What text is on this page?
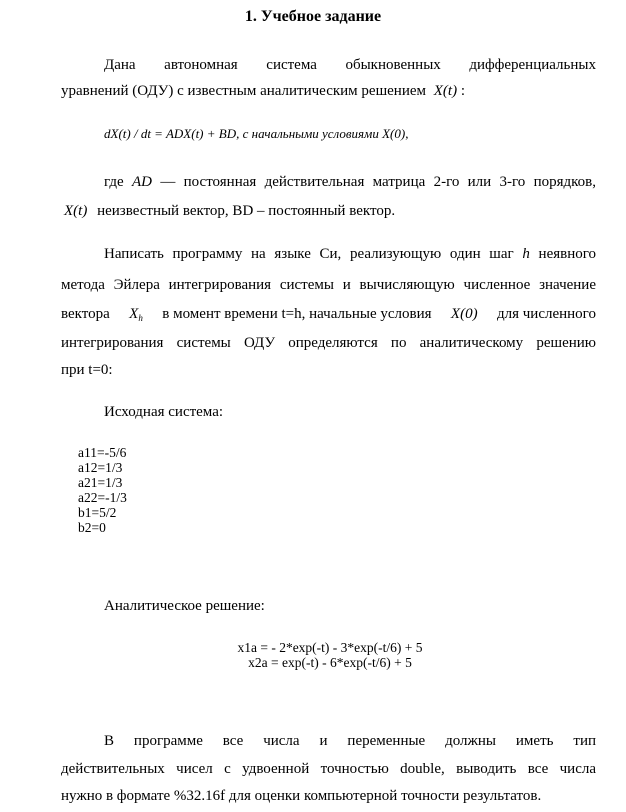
1. Учебное задание
Дана автономная система обыкновенных дифференциальных
уравнений (ОДУ) с известным аналитическим решением X(t) :
dX(t) / dt = ADX(t) + BD, с начальными условиями X(0),
где AD — постоянная действительная матрица 2-го или 3-го порядков,
X(t) неизвестный вектор, BD – постоянный вектор.
Написать программу на языке Си, реализующую один шаг h неявного
метода Эйлера интегрирования системы и вычисляющую численное значение
вектора $X_h$ в момент времени t=h, начальные условия X(0) для численного
интегрирования системы ОДУ определяются по аналитическому решению
при t=0:
Исходная система:
a11=-5/6
a12=1/3
a21=1/3
a22=-1/3
b1=5/2
b2=0
Аналитическое решение:
x1a = - 2*exp(-t) - 3*exp(-t/6) + 5
x2a = exp(-t) - 6*exp(-t/6) + 5
В программе все числа и переменные должны иметь тип
действительных чисел с удвоенной точностью double, выводить все числа
нужно в формате %32.16f для оценки компьютерной точности результатов.
